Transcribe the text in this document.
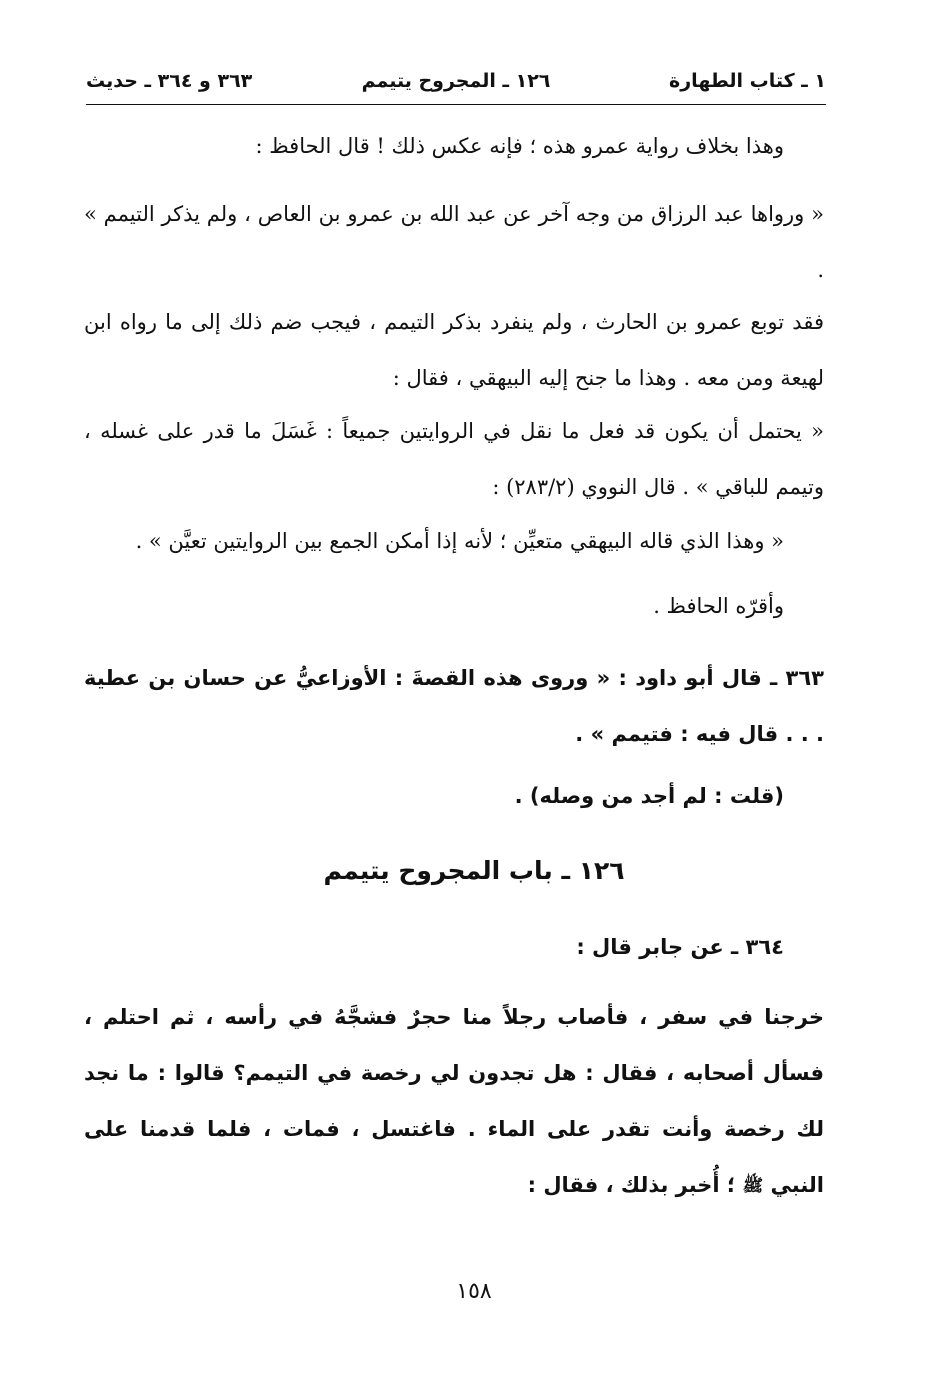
١ ـ كتاب الطهارة
١٢٦ ـ المجروح يتيمم
٣٦٣ و ٣٦٤ ـ حديث

وهذا بخلاف رواية عمرو هذه ؛ فإنه عكس ذلك ! قال الحافظ :

« ورواها عبد الرزاق من وجه آخر عن عبد الله بن عمرو بن العاص ، ولم يذكر التيمم » .

فقد توبع عمرو بن الحارث ، ولم ينفرد بذكر التيمم ، فيجب ضم ذلك إلى ما رواه ابن لهيعة ومن معه . وهذا ما جنح إليه البيهقي ، فقال :

« يحتمل أن يكون قد فعل ما نقل في الروايتين جميعاً : غَسَلَ ما قدر على غسله ، وتيمم للباقي » . قال النووي (٢٨٣/٢) :

« وهذا الذي قاله البيهقي متعيِّن ؛ لأنه إذا أمكن الجمع بين الروايتين تعيَّن » .

وأقرّه الحافظ .

٣٦٣ ـ قال أبو داود : « وروى هذه القصةَ : الأوزاعيُّ عن حسان بن عطية . . . قال فيه : فتيمم » .

(قلت : لم أجد من وصله) .

١٢٦ ـ باب المجروح يتيمم

٣٦٤ ـ عن جابر قال :

خرجنا في سفر ، فأصاب رجلاً منا حجرٌ فشجَّهُ في رأسه ، ثم احتلم ، فسأل أصحابه ، فقال : هل تجدون لي رخصة في التيمم؟ قالوا : ما نجد لك رخصة وأنت تقدر على الماء . فاغتسل ، فمات ، فلما قدمنا على النبي ﷺ ؛ أُخبر بذلك ، فقال :

١٥٨
